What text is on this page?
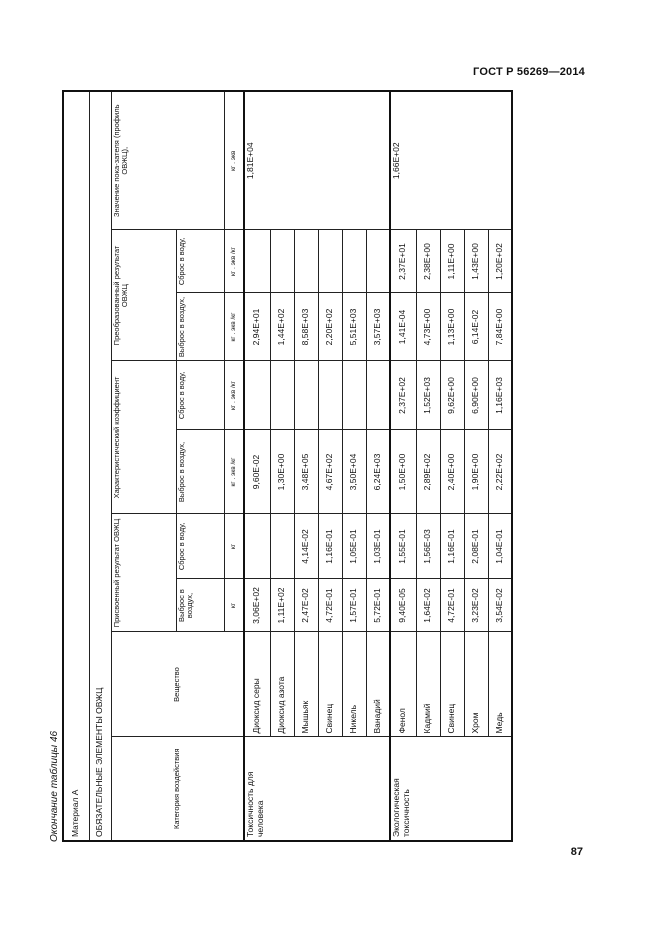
ГОСТ Р 56269—2014
Окончание таблицы 46 Материал А								
ОБЯЗАТЕЛЬНЫЕ ЭЛЕМЕНТЫ ОВЖЦ								
Категория воздействия	Вещество	Присвоенный результат ОВЖЦ		Характеристический коэффициент		Преобразованный результат ОВЖЦ		Значение пока-зателя (профиль ОВЖЦ),
		Выброс в воздух,	Сброс в воду,	Выброс в воздух,	Сброс в воду,	Выброс в воздух,	Сброс в воду,	
		кг	кг	кг . экв /кг	кг . экв /кг	кг . экв /кг	кг . экв /кг	кг . экв
Токсичность для человека	Диоксид серы	3,06E+02		9,60E-02		2,94E+01		1,81E+04
	Диоксид азота	1,11E+02		1,30E+00		1,44E+02		
	Мышьяк	2,47E-02	4,14E-02	3,48E+05		8,58E+03		
	Свинец	4,72E-01	1,16E-01	4,67E+02		2,20E+02		
	Никель	1,57E-01	1,05E-01	3,50E+04		5,51E+03		
	Ванадий	5,72E-01	1,03E-01	6,24E+03		3,57E+03		
Экологическая токсичность	Фенол	9,40E-05	1,55E-01	1,50E+00	2,37E+02	1,41E-04	2,37E+01	1,66E+02
	Кадмий	1,64E-02	1,56E-03	2,89E+02	1,52E+03	4,73E+00	2,38E+00	
	Свинец	4,72E-01	1,16E-01	2,40E+00	9,62E+00	1,13E+00	1,11E+00	
	Хром	3,23E-02	2,08E-01	1,90E+00	6,90E+00	6,14E-02	1,43E+00	
	Медь	3,54E-02	1,04E-01	2,22E+02	1,16E+03	7,84E+00	1,20E+02	
87
